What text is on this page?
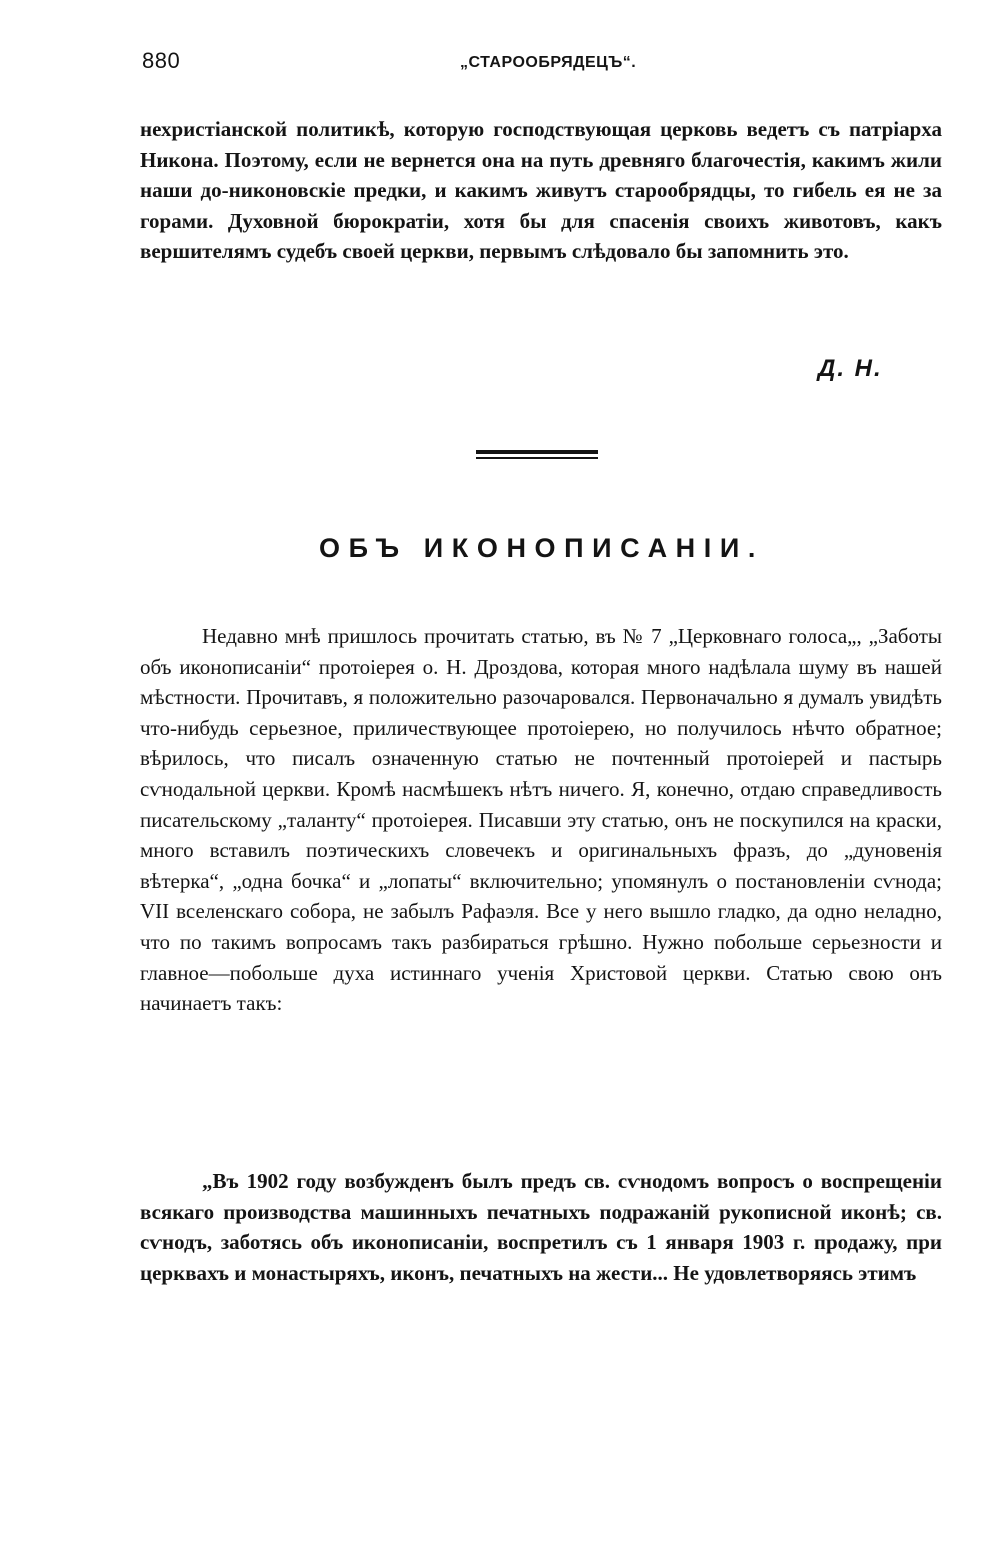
880	„СТАРООБРЯДЕЦЪ“.

нехристіанской политикѣ, которую господствующая церковь ведетъ съ патріарха Никона. Поэтому, если не вернется она на путь древняго благочестія, какимъ жили наши до-никоновскіе предки, и какимъ живутъ старообрядцы, то гибель ея не за горами. Духовной бюрократіи, хотя бы для спасенія своихъ животовъ, какъ вершителямъ судебъ своей церкви, первымъ слѣдовало бы запомнить это.

Д. Н.
ОБЪ ИКОНОПИСАНІИ.

Недавно мнѣ пришлось прочитать статью, въ № 7 „Церковнаго голоса„, „Заботы объ иконописаніи“ протоіерея о. Н. Дроздова, которая много надѣлала шуму въ нашей мѣстности. Прочитавъ, я положительно разочаровался. Первоначально я думалъ увидѣть что-нибудь серьезное, приличествующее протоіерею, но получилось нѣчто обратное; вѣрилось, что писалъ означенную статью не почтенный протоіерей и пастырь сѵнодальной церкви. Кромѣ насмѣшекъ нѣтъ ничего. Я, конечно, отдаю справедливость писательскому „таланту“ протоіерея. Писавши эту статью, онъ не поскупился на краски, много вставилъ поэтическихъ словечекъ и оригинальныхъ фразъ, до „дуновенія вѣтерка“, „одна бочка“ и „лопаты“ включительно; упомянулъ о постановленіи сѵнода; VII вселенскаго собора, не забылъ Рафаэля. Все у него вышло гладко, да одно неладно, что по такимъ вопросамъ такъ разбираться грѣшно. Нужно побольше серьезности и главное—побольше духа истиннаго ученія Христовой церкви. Статью свою онъ начинаетъ такъ:

„Въ 1902 году возбужденъ былъ предъ св. сѵнодомъ вопросъ о воспрещеніи всякаго производства машинныхъ печатныхъ подражаній рукописной иконѣ; св. сѵнодъ, заботясь объ иконописаніи, воспретилъ съ 1 января 1903 г. продажу, при церквахъ и монастыряхъ, иконъ, печатныхъ на жести... Не удовлетворяясь этимъ
